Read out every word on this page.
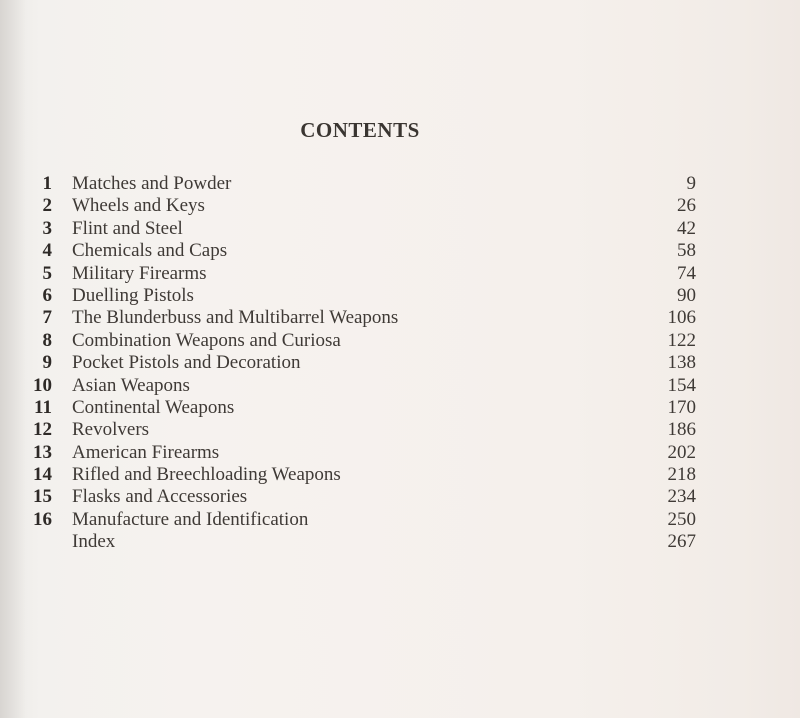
CONTENTS
1 Matches and Powder	9
2 Wheels and Keys	26
3 Flint and Steel	42
4 Chemicals and Caps	58
5 Military Firearms	74
6 Duelling Pistols	90
7 The Blunderbuss and Multibarrel Weapons	106
8 Combination Weapons and Curiosa	122
9 Pocket Pistols and Decoration	138
10 Asian Weapons	154
11 Continental Weapons	170
12 Revolvers	186
13 American Firearms	202
14 Rifled and Breechloading Weapons	218
15 Flasks and Accessories	234
16 Manufacture and Identification	250
Index	267
